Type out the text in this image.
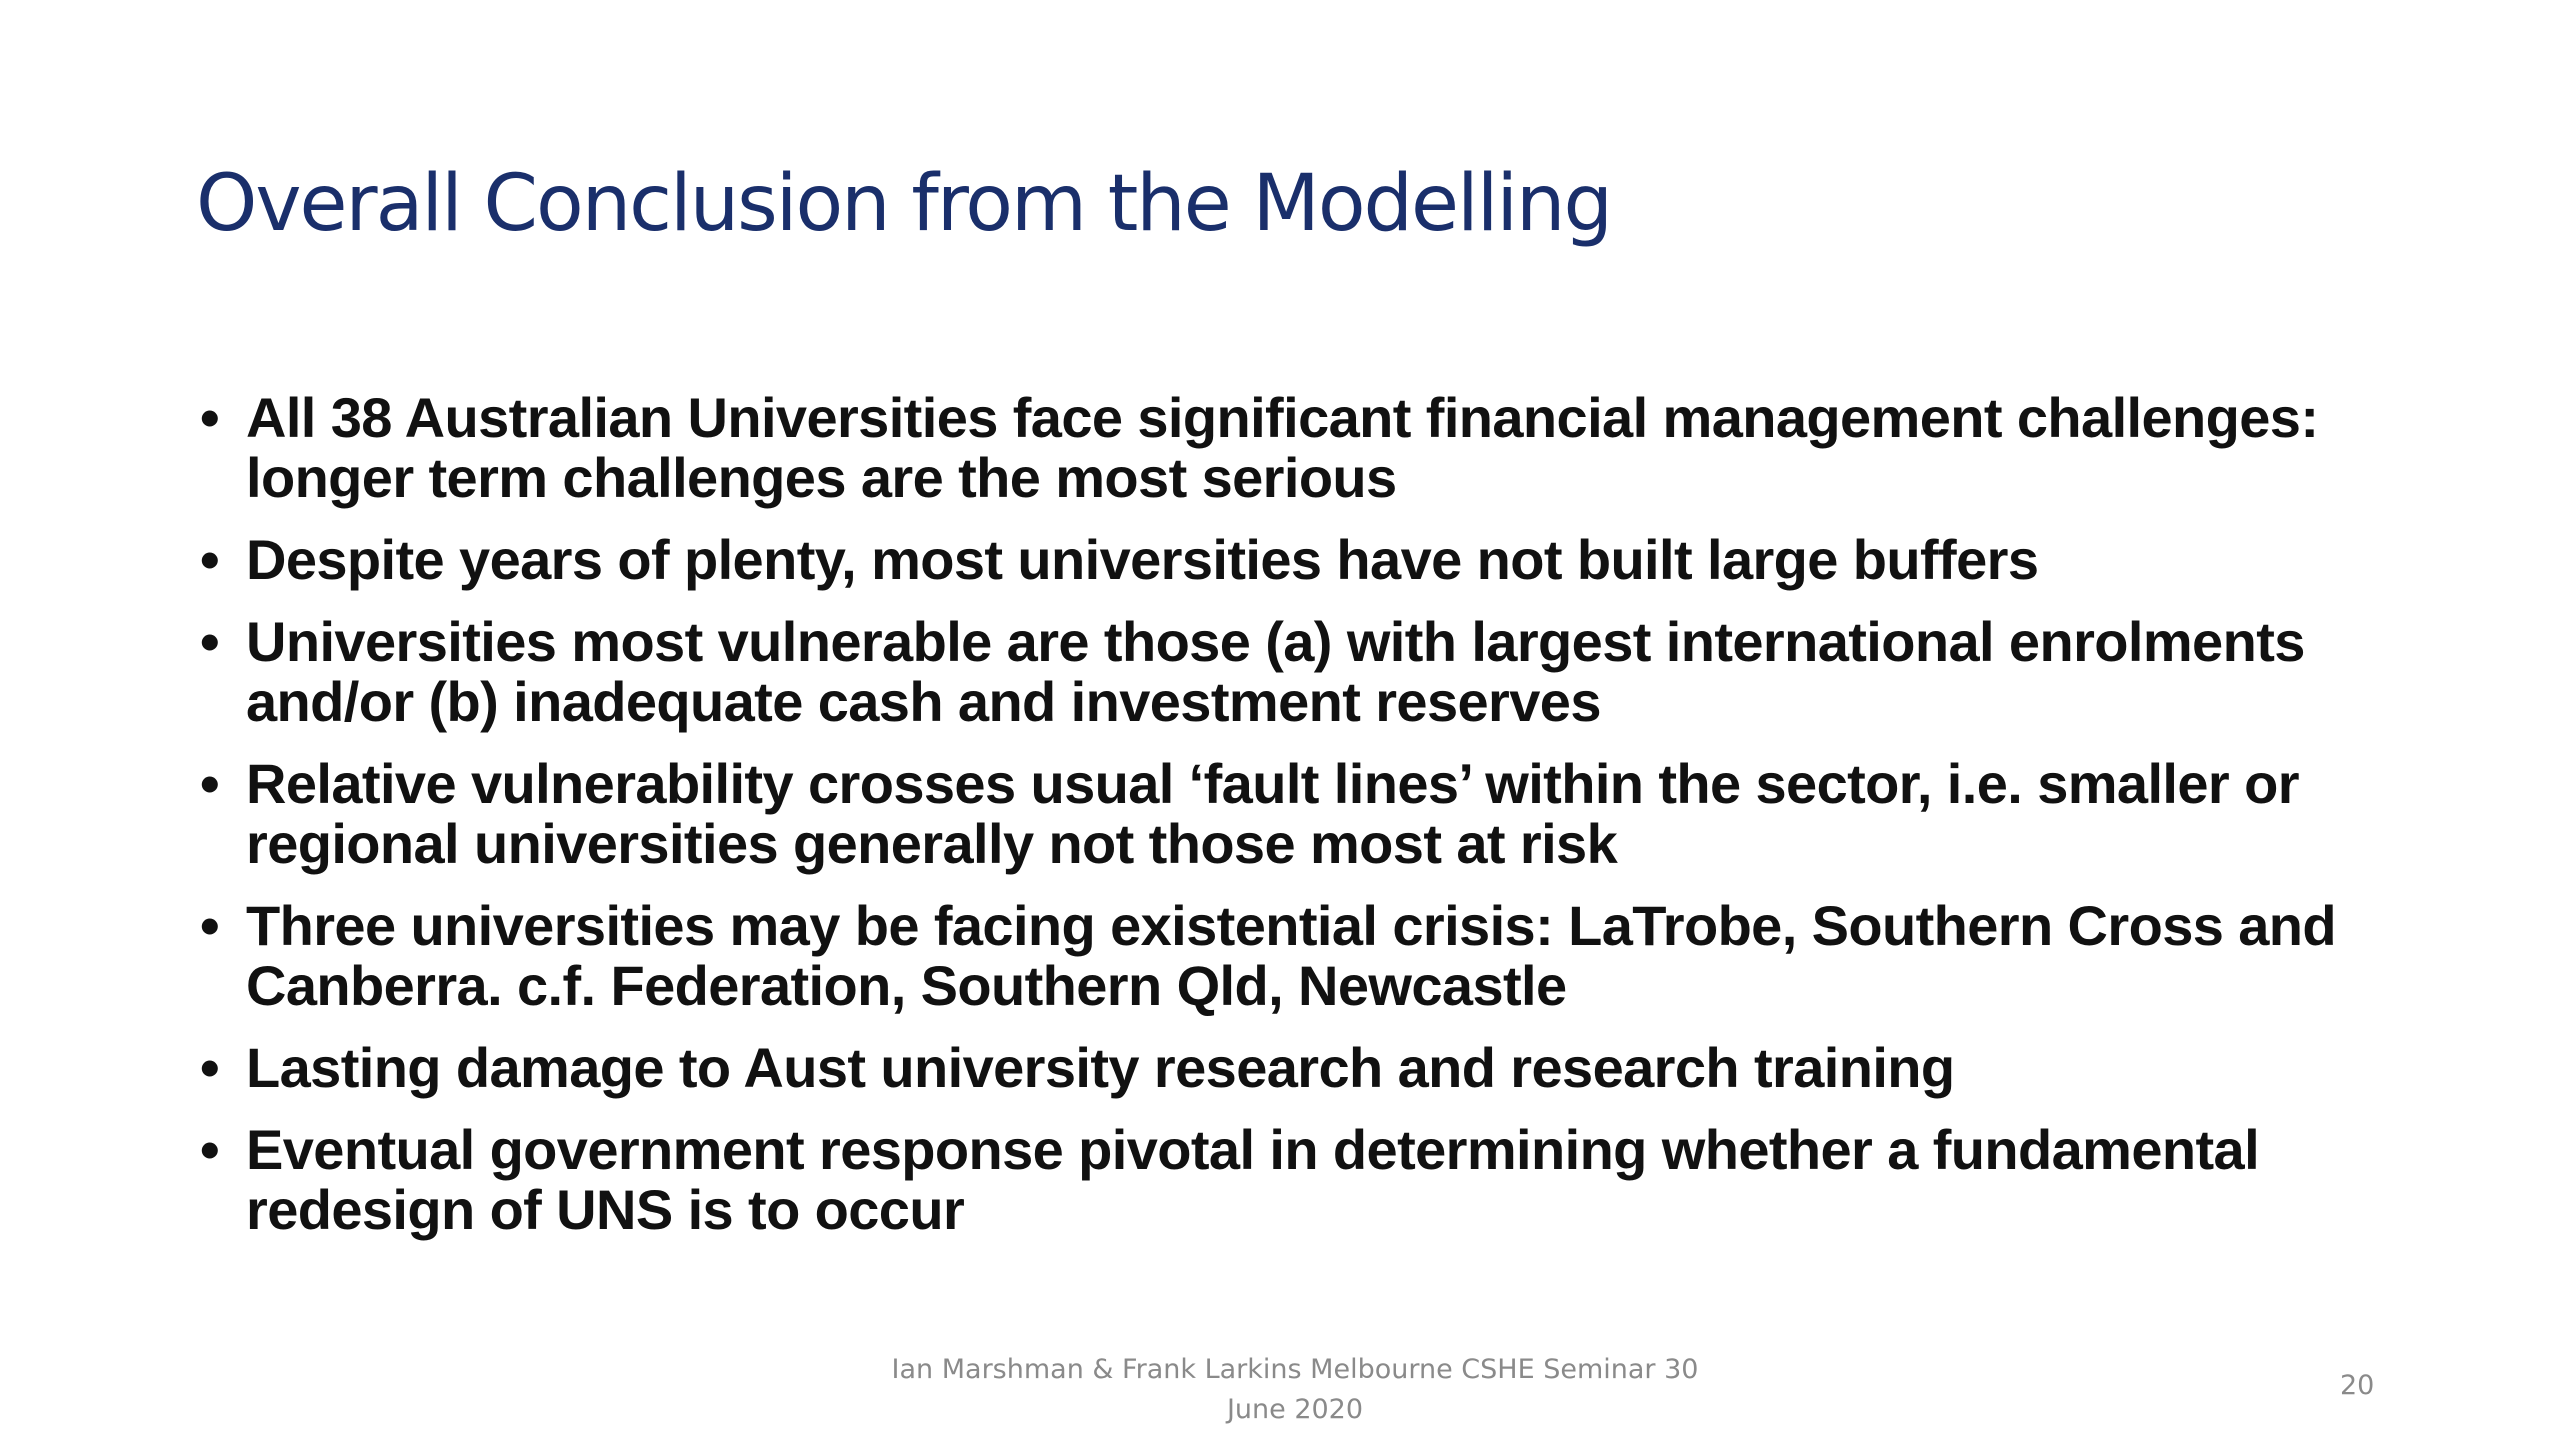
Overall Conclusion from the Modelling
• All 38 Australian Universities face significant financial management challenges: longer term challenges are the most serious
• Despite years of plenty, most universities have not built large buffers
• Universities most vulnerable are those (a) with largest international enrolments and/or (b) inadequate cash and investment reserves
• Relative vulnerability crosses usual ‘fault lines’ within the sector, i.e. smaller or regional universities generally not those most at risk
• Three universities may be facing existential crisis: LaTrobe, Southern Cross and Canberra. c.f. Federation, Southern Qld, Newcastle
• Lasting damage to Aust university research and research training
• Eventual government response pivotal in determining whether a fundamental redesign of UNS is to occur
Ian Marshman & Frank Larkins Melbourne CSHE Seminar 30
June 2020
20
